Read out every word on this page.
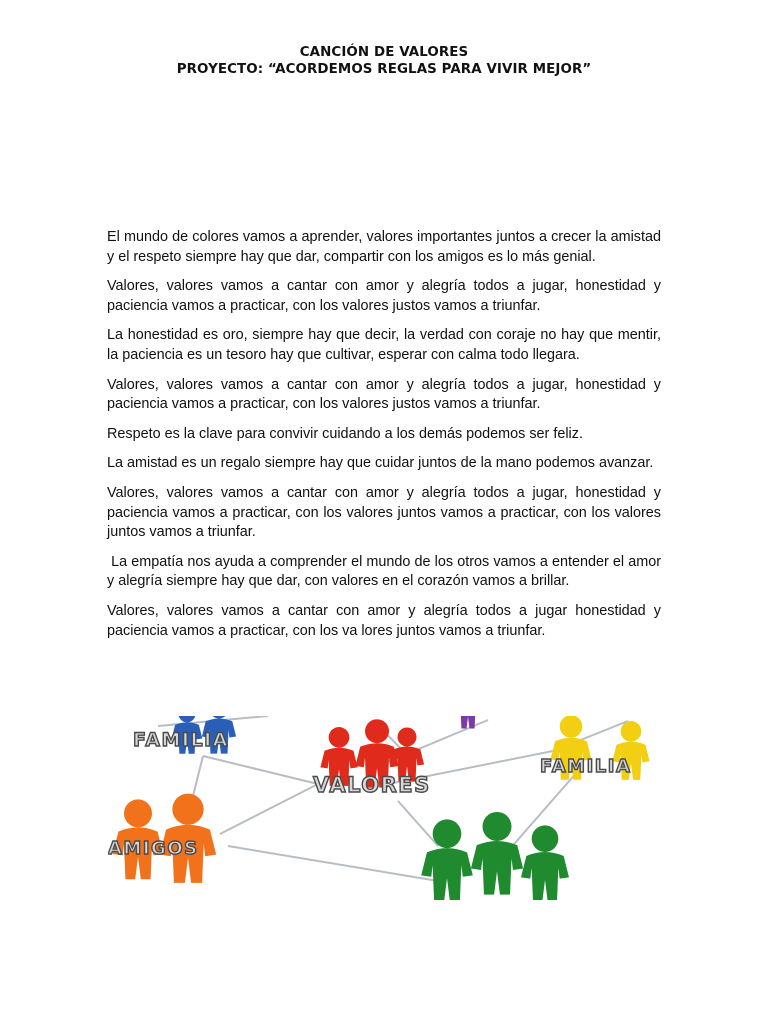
CANCIÓN DE VALORES
PROYECTO: “ACORDEMOS REGLAS PARA VIVIR MEJOR”

El mundo de colores vamos a aprender, valores importantes juntos a crecer la amistad y el respeto siempre hay que dar, compartir con los amigos es lo más genial.

Valores, valores vamos a cantar con amor y alegría todos a jugar, honestidad y paciencia vamos a practicar, con los valores justos vamos a triunfar.

La honestidad es oro, siempre hay que decir, la verdad con coraje no hay que mentir, la paciencia es un tesoro hay que cultivar, esperar con calma todo llegara.

Valores, valores vamos a cantar con amor y alegría todos a jugar, honestidad y paciencia vamos a practicar, con los valores justos vamos a triunfar.

Respeto es la clave para convivir cuidando a los demás podemos ser feliz.

La amistad es un regalo siempre hay que cuidar juntos de la mano podemos avanzar.

Valores, valores vamos a cantar con amor y alegría todos a jugar, honestidad y paciencia vamos a practicar, con los valores juntos vamos a practicar, con los valores juntos vamos a triunfar.

La empatía nos ayuda a comprender el mundo de los otros vamos a entender el amor y alegría siempre hay que dar, con valores en el corazón vamos a brillar.

Valores, valores vamos a cantar con amor y alegría todos a jugar honestidad y paciencia vamos a practicar, con los va lores juntos vamos a triunfar.

FAMILIA
VALORES
FAMILIA
AMIGOS
